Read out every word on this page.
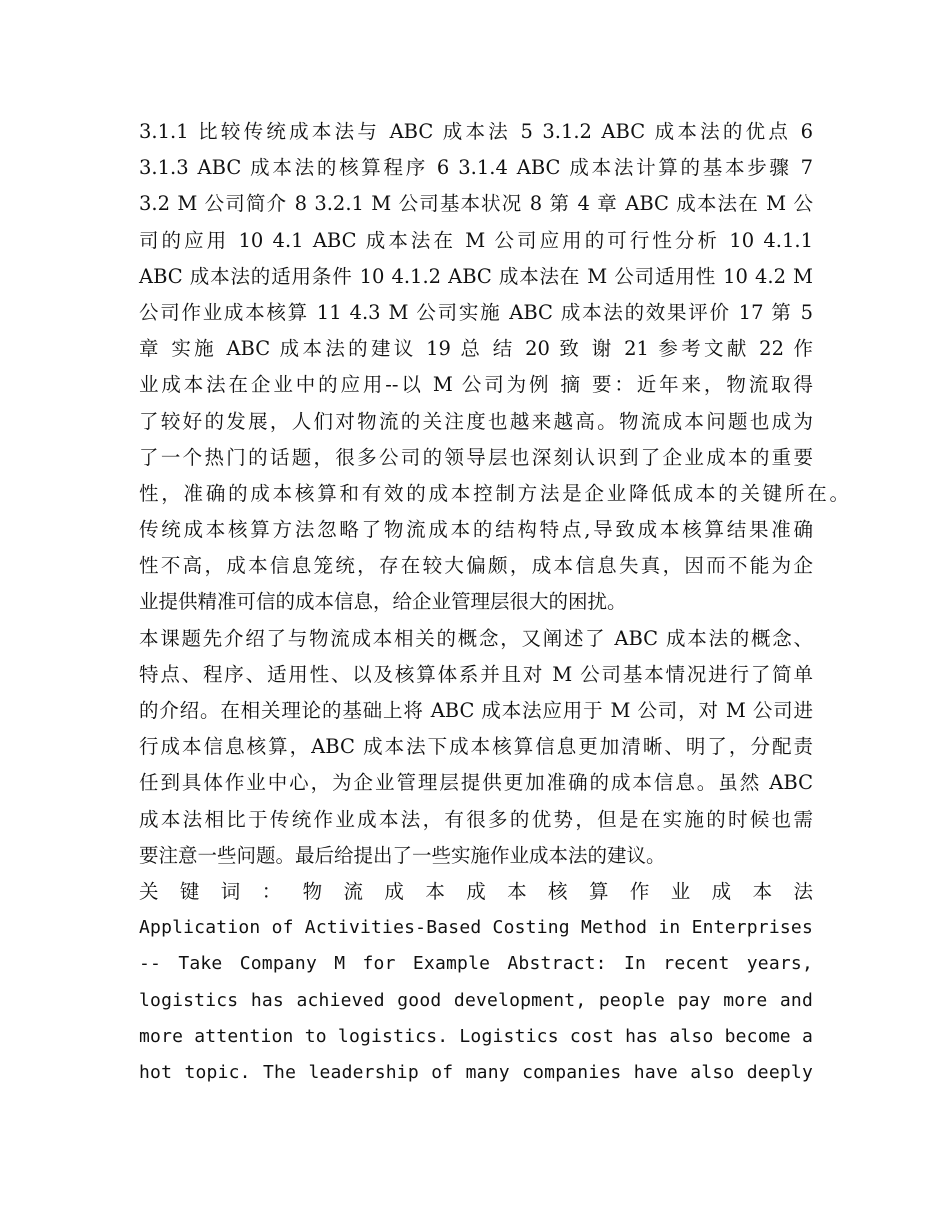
3.1.1 比较传统成本法与 ABC 成本法 5 3.1.2 ABC 成本法的优点 6
3.1.3 ABC 成本法的核算程序 6 3.1.4 ABC 成本法计算的基本步骤 7
3.2 M 公司简介 8 3.2.1 M 公司基本状况 8 第 4 章 ABC 成本法在 M 公
司的应用 10 4.1 ABC 成本法在 M 公司应用的可行性分析 10 4.1.1
ABC 成本法的适用条件 10 4.1.2 ABC 成本法在 M 公司适用性 10 4.2 M
公司作业成本核算 11 4.3 M 公司实施 ABC 成本法的效果评价 17 第 5
章 实施 ABC 成本法的建议 19 总 结 20 致 谢 21 参考文献 22 作
业成本法在企业中的应用--以 M 公司为例 摘 要：近年来，物流取得
了较好的发展，人们对物流的关注度也越来越高。物流成本问题也成为
了一个热门的话题，很多公司的领导层也深刻认识到了企业成本的重要
性，准确的成本核算和有效的成本控制方法是企业降低成本的关键所在。
传统成本核算方法忽略了物流成本的结构特点,导致成本核算结果准确
性不高，成本信息笼统，存在较大偏颇，成本信息失真，因而不能为企
业提供精准可信的成本信息，给企业管理层很大的困扰。
本课题先介绍了与物流成本相关的概念，又阐述了 ABC 成本法的概念、
特点、程序、适用性、以及核算体系并且对 M 公司基本情况进行了简单
的介绍。在相关理论的基础上将 ABC 成本法应用于 M 公司，对 M 公司进
行成本信息核算，ABC 成本法下成本核算信息更加清晰、明了，分配责
任到具体作业中心，为企业管理层提供更加准确的成本信息。虽然 ABC
成本法相比于传统作业成本法，有很多的优势，但是在实施的时候也需
要注意一些问题。最后给提出了一些实施作业成本法的建议。
关 键 词 ： 物 流 成 本 成 本 核 算 作 业 成 本 法
Application of Activities-Based Costing Method in Enterprises
-- Take Company M for Example Abstract: In recent years,
logistics has achieved good development, people pay more and
more attention to logistics. Logistics cost has also become a
hot topic. The leadership of many companies have also deeply
